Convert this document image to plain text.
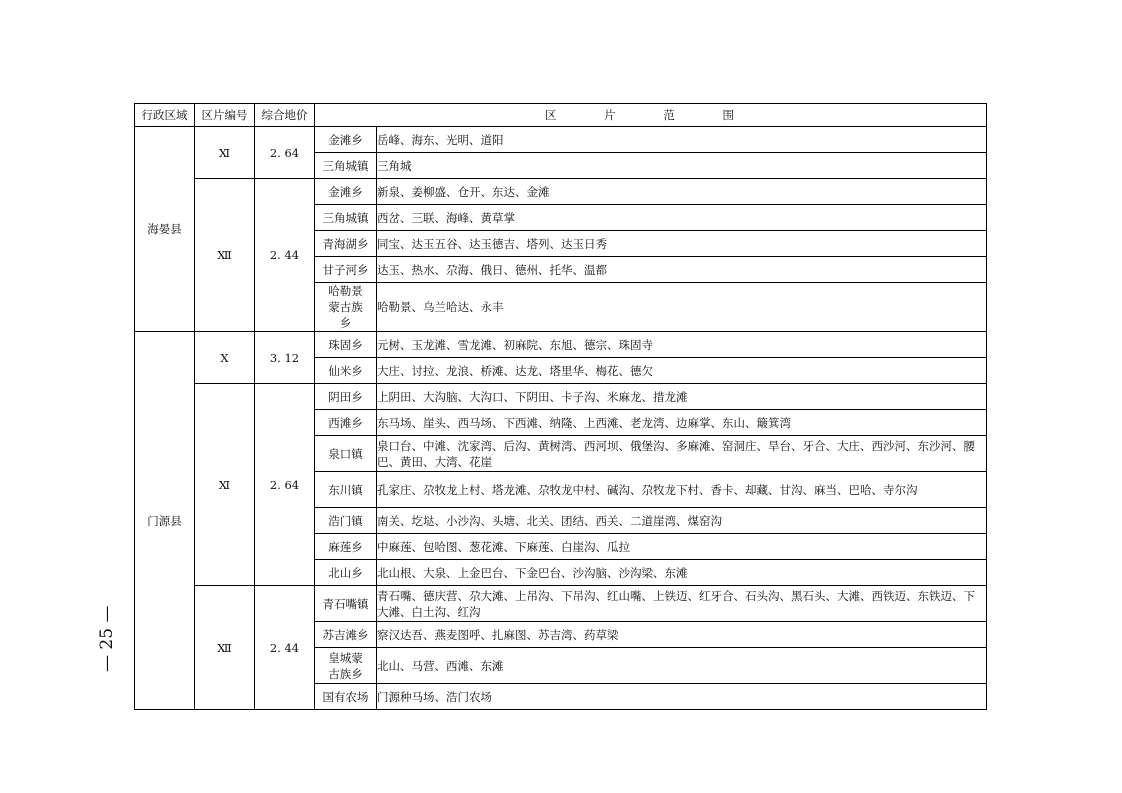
行政区域	区片编号	综合地价	区 片 范 围	
海晏县	Ⅺ	2. 64	金滩乡	岳峰、海东、光明、道阳
			三角城镇	三角城
	Ⅻ	2. 44	金滩乡	新泉、姜柳盛、仓开、东达、金滩
			三角城镇	西岔、三联、海峰、黄草掌
			青海湖乡	同宝、达玉五谷、达玉德吉、塔列、达玉日秀
			甘子河乡	达玉、热水、尕海、俄日、德州、托华、温都
			哈勒景蒙古族乡	哈勒景、乌兰哈达、永丰
门源县	Ⅹ	3. 12	珠固乡	元树、玉龙滩、雪龙滩、初麻院、东旭、德宗、珠固寺
			仙米乡	大庄、讨拉、龙浪、桥滩、达龙、塔里华、梅花、德欠
	Ⅺ	2. 64	阴田乡	上阴田、大沟脑、大沟口、下阴田、卡子沟、米麻龙、措龙滩
			西滩乡	东马场、崖头、西马场、下西滩、纳隆、上西滩、老龙湾、边麻掌、东山、簸箕湾
			泉口镇	泉口台、中滩、沈家湾、后沟、黄树湾、西河坝、俄堡沟、多麻滩、窑洞庄、旱台、牙合、大庄、西沙河、东沙河、腰巴、黄田、大湾、花崖
			东川镇	孔家庄、尕牧龙上村、塔龙滩、尕牧龙中村、碱沟、尕牧龙下村、香卡、却藏、甘沟、麻当、巴哈、寺尔沟
			浩门镇	南关、圪垯、小沙沟、头塘、北关、团结、西关、二道崖湾、煤窑沟
			麻莲乡	中麻莲、包哈图、葱花滩、下麻莲、白崖沟、瓜拉
			北山乡	北山根、大泉、上金巴台、下金巴台、沙沟脑、沙沟梁、东滩
	Ⅻ	2. 44	青石嘴镇	青石嘴、德庆营、尕大滩、上吊沟、下吊沟、红山嘴、上铁迈、红牙合、石头沟、黑石头、大滩、西铁迈、东铁迈、下大滩、白土沟、红沟
			苏吉滩乡	察汉达吾、燕麦图呼、扎麻图、苏吉湾、药草梁
			皇城蒙古族乡	北山、马营、西滩、东滩
			国有农场	门源种马场、浩门农场
— 25 —
